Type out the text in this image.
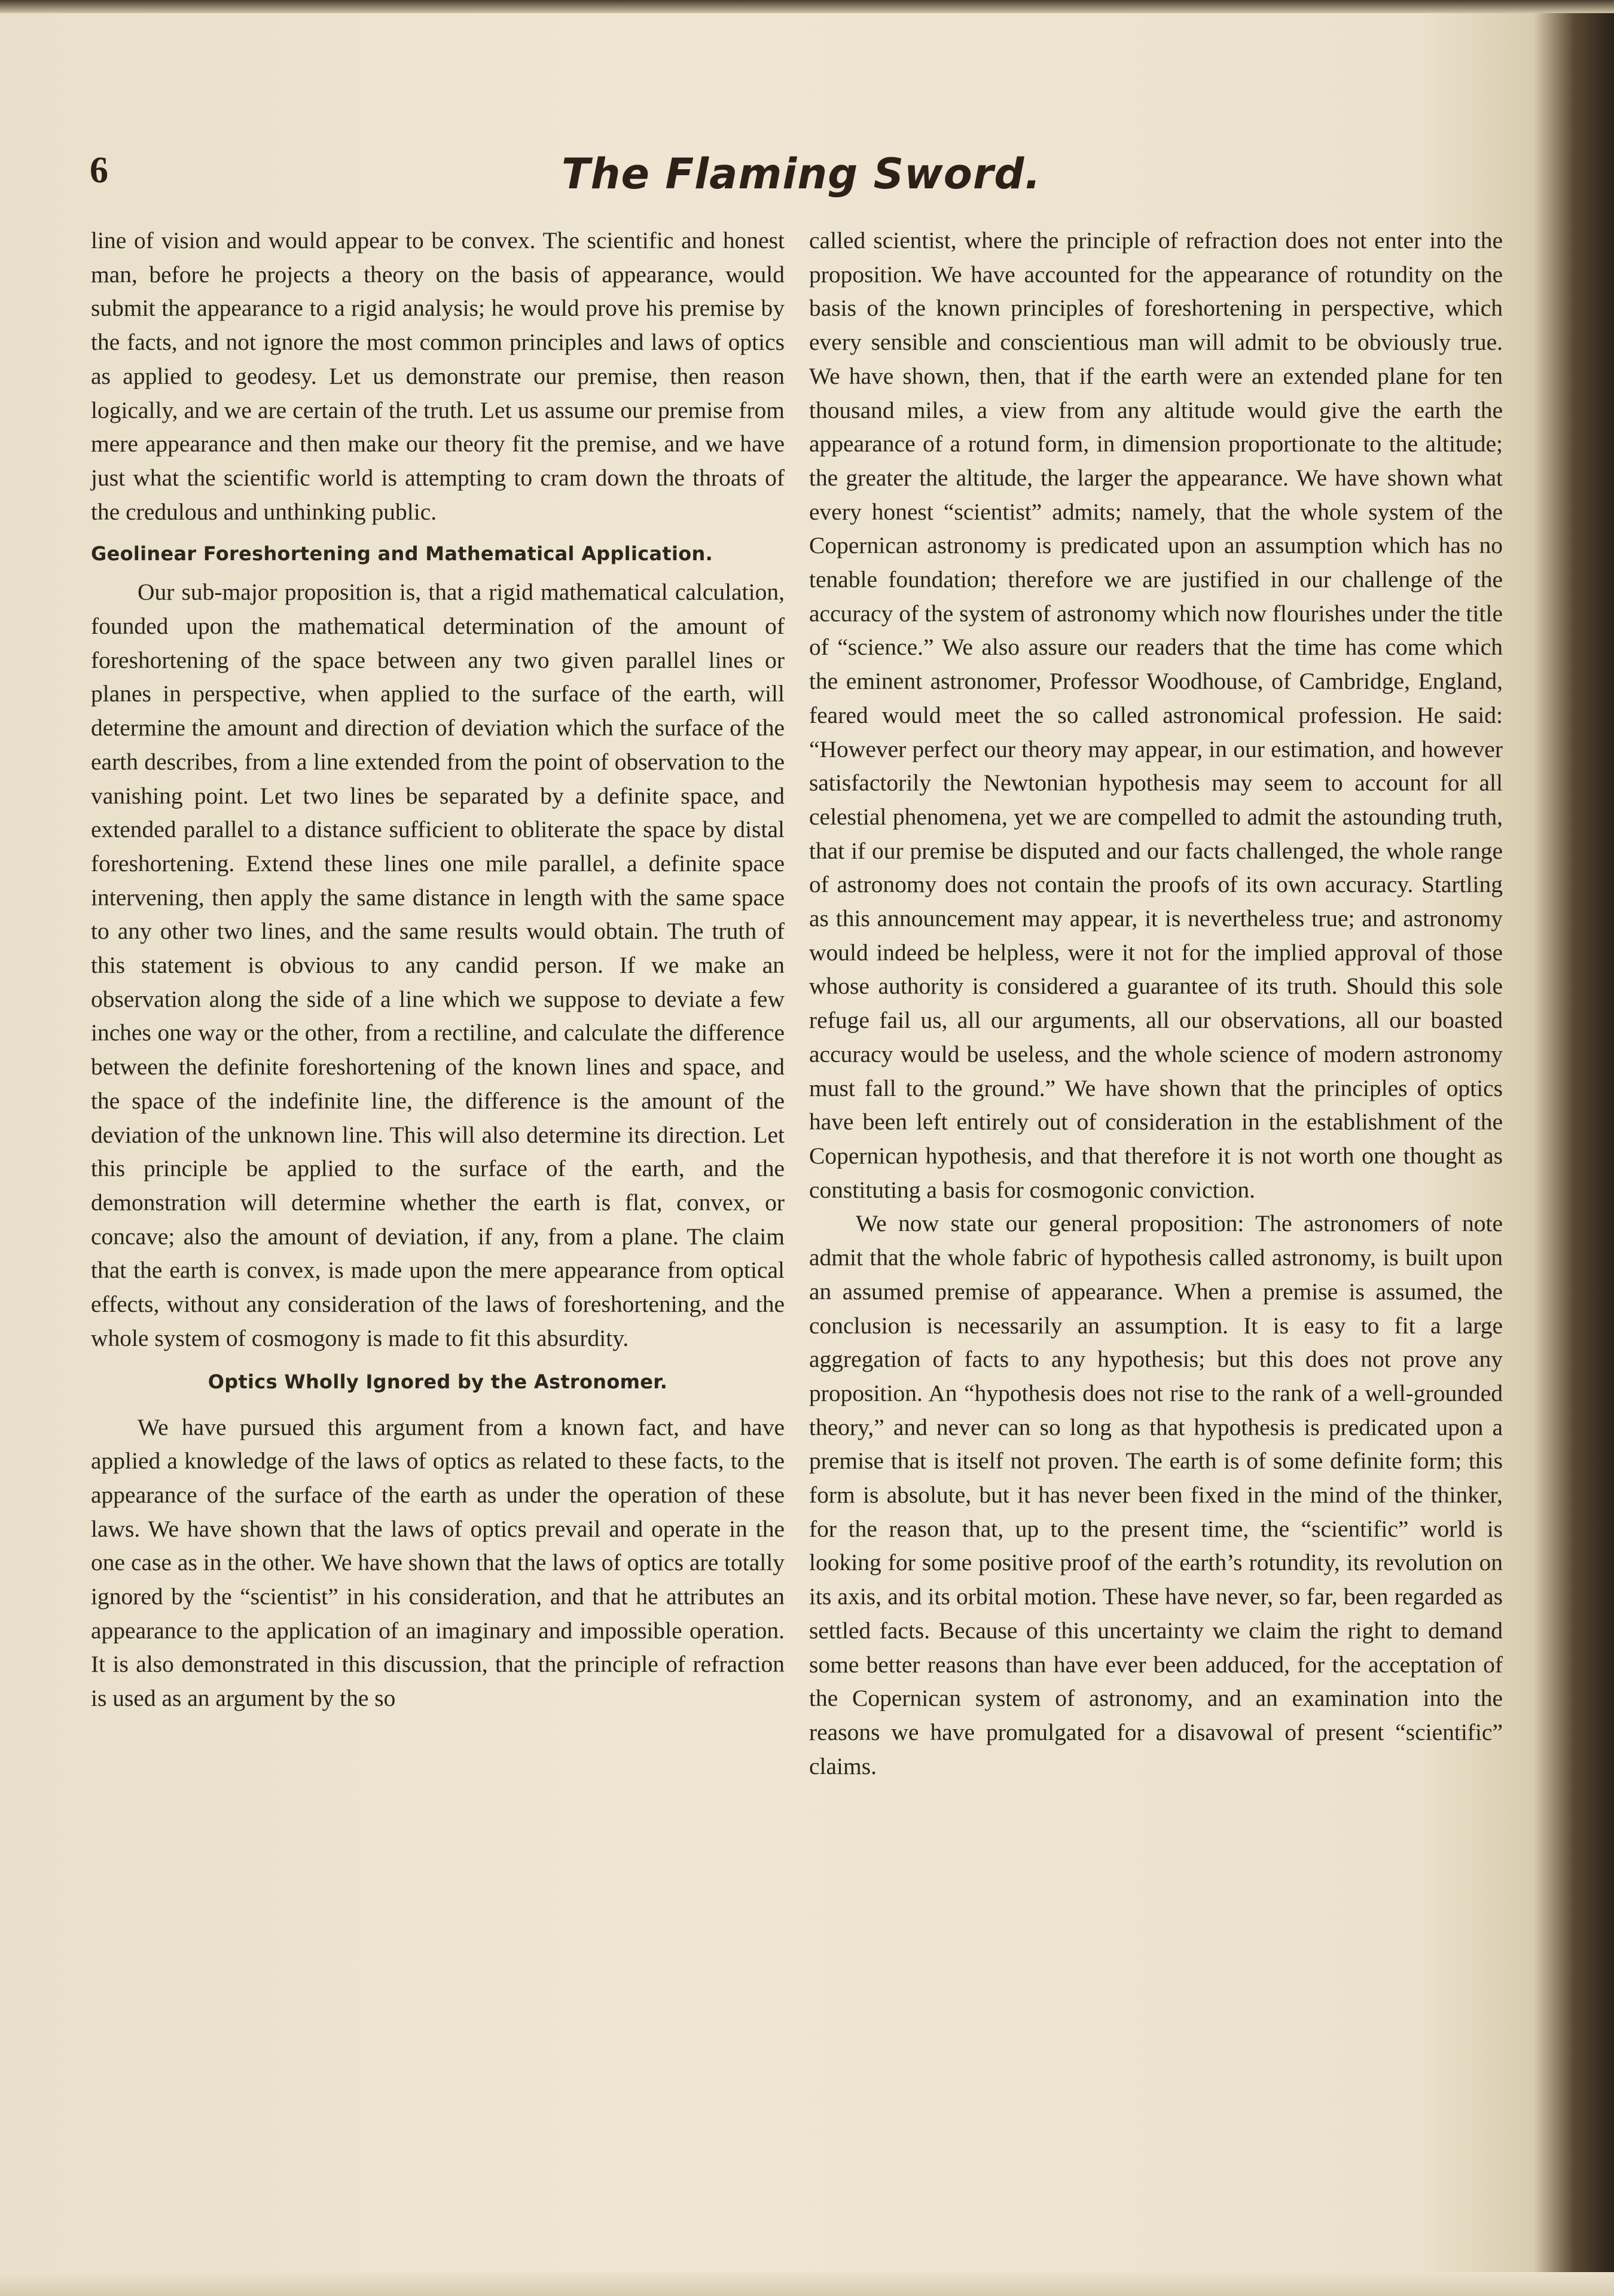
6	The Flaming Sword.

line of vision and would appear to be convex. The scientific and honest man, before he projects a theory on the basis of appearance, would submit the appearance to a rigid analysis; he would prove his premise by the facts, and not ignore the most common principles and laws of optics as applied to geodesy. Let us demonstrate our premise, then reason logically, and we are certain of the truth. Let us assume our premise from mere appearance and then make our theory fit the premise, and we have just what the scientific world is attempting to cram down the throats of the credulous and unthinking public.

Geolinear Foreshortening and Mathematical Application.

Our sub-major proposition is, that a rigid mathematical calculation, founded upon the mathematical determination of the amount of foreshortening of the space between any two given parallel lines or planes in perspective, when applied to the surface of the earth, will determine the amount and direction of deviation which the surface of the earth describes, from a line extended from the point of observation to the vanishing point. Let two lines be separated by a definite space, and extended parallel to a distance sufficient to obliterate the space by distal foreshortening. Extend these lines one mile parallel, a definite space intervening, then apply the same distance in length with the same space to any other two lines, and the same results would obtain. The truth of this statement is obvious to any candid person. If we make an observation along the side of a line which we suppose to deviate a few inches one way or the other, from a rectiline, and calculate the difference between the definite foreshortening of the known lines and space, and the space of the indefinite line, the difference is the amount of the deviation of the unknown line. This will also determine its direction. Let this principle be applied to the surface of the earth, and the demonstration will determine whether the earth is flat, convex, or concave; also the amount of deviation, if any, from a plane. The claim that the earth is convex, is made upon the mere appearance from optical effects, without any consideration of the laws of foreshortening, and the whole system of cosmogony is made to fit this absurdity.

Optics Wholly Ignored by the Astronomer.

We have pursued this argument from a known fact, and have applied a knowledge of the laws of optics as related to these facts, to the appearance of the surface of the earth as under the operation of these laws. We have shown that the laws of optics prevail and operate in the one case as in the other. We have shown that the laws of optics are totally ignored by the “scientist” in his consideration, and that he attributes an appearance to the application of an imaginary and impossible operation. It is also demonstrated in this discussion, that the principle of refraction is used as an argument by the so

called scientist, where the principle of refraction does not enter into the proposition. We have accounted for the appearance of rotundity on the basis of the known principles of foreshortening in perspective, which every sensible and conscientious man will admit to be obviously true. We have shown, then, that if the earth were an extended plane for ten thousand miles, a view from any altitude would give the earth the appearance of a rotund form, in dimension proportionate to the altitude; the greater the altitude, the larger the appearance. We have shown what every honest “scientist” admits; namely, that the whole system of the Copernican astronomy is predicated upon an assumption which has no tenable foundation; therefore we are justified in our challenge of the accuracy of the system of astronomy which now flourishes under the title of “science.” We also assure our readers that the time has come which the eminent astronomer, Professor Woodhouse, of Cambridge, England, feared would meet the so called astronomical profession. He said: “However perfect our theory may appear, in our estimation, and however satisfactorily the Newtonian hypothesis may seem to account for all celestial phenomena, yet we are compelled to admit the astounding truth, that if our premise be disputed and our facts challenged, the whole range of astronomy does not contain the proofs of its own accuracy. Startling as this announcement may appear, it is nevertheless true; and astronomy would indeed be helpless, were it not for the implied approval of those whose authority is considered a guarantee of its truth. Should this sole refuge fail us, all our arguments, all our observations, all our boasted accuracy would be useless, and the whole science of modern astronomy must fall to the ground.” We have shown that the principles of optics have been left entirely out of consideration in the establishment of the Copernican hypothesis, and that therefore it is not worth one thought as constituting a basis for cosmogonic conviction.

We now state our general proposition: The astronomers of note admit that the whole fabric of hypothesis called astronomy, is built upon an assumed premise of appearance. When a premise is assumed, the conclusion is necessarily an assumption. It is easy to fit a large aggregation of facts to any hypothesis; but this does not prove any proposition. An “hypothesis does not rise to the rank of a well-grounded theory,” and never can so long as that hypothesis is predicated upon a premise that is itself not proven. The earth is of some definite form; this form is absolute, but it has never been fixed in the mind of the thinker, for the reason that, up to the present time, the “scientific” world is looking for some positive proof of the earth’s rotundity, its revolution on its axis, and its orbital motion. These have never, so far, been regarded as settled facts. Because of this uncertainty we claim the right to demand some better reasons than have ever been adduced, for the acceptation of the Copernican system of astronomy, and an examination into the reasons we have promulgated for a disavowal of present “scientific” claims.
